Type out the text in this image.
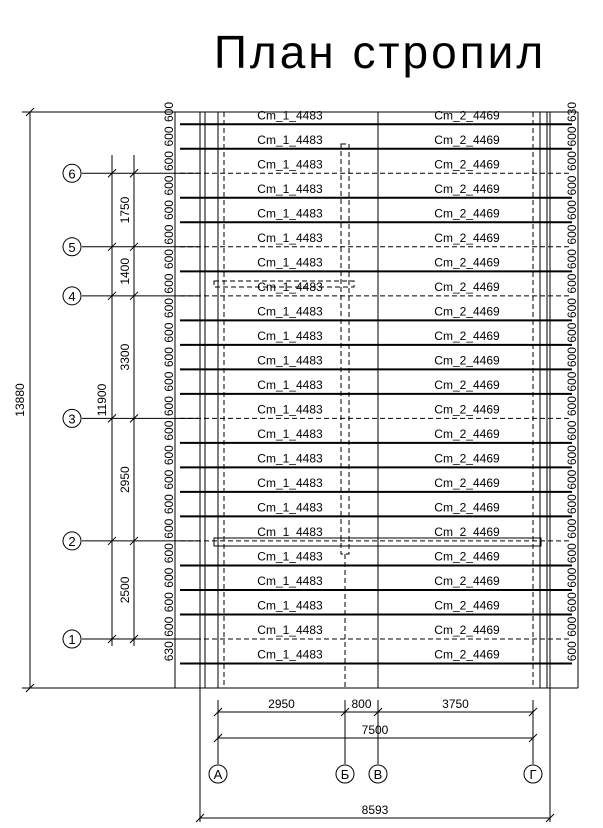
План стропил
Cm_1_4483	Cm_2_4469
600	630
Cm_1_4483	Cm_2_4469
600	600
Cm_1_4483	Cm_2_4469
600	600
Cm_1_4483	Cm_2_4469
600	600
Cm_1_4483	Cm_2_4469
600	600
Cm_1_4483	Cm_2_4469
600	600
Cm_1_4483	Cm_2_4469
600	600
Cm_1_4483	Cm_2_4469
600	600
Cm_1_4483	Cm_2_4469
600	600
Cm_1_4483	Cm_2_4469
600	600
Cm_1_4483	Cm_2_4469
600	600
Cm_1_4483	Cm_2_4469
600	600
Cm_1_4483	Cm_2_4469
600	600
Cm_1_4483	Cm_2_4469
600	600
Cm_1_4483	Cm_2_4469
600	600
Cm_1_4483	Cm_2_4469
600	600
Cm_1_4483	Cm_2_4469
600	600
Cm_1_4483	Cm_2_4469
600	600
Cm_1_4483	Cm_2_4469
600	600
Cm_1_4483	Cm_2_4469
600	600
Cm_1_4483	Cm_2_4469
600	600
Cm_1_4483	Cm_2_4469
600	600
Cm_1_4483	Cm_2_4469
630	600
6
5
4
3
2
1
13880	11900
1750
1400
3300
2950
2500
8593
7500
2950	800	3750
А	Б В	Г
